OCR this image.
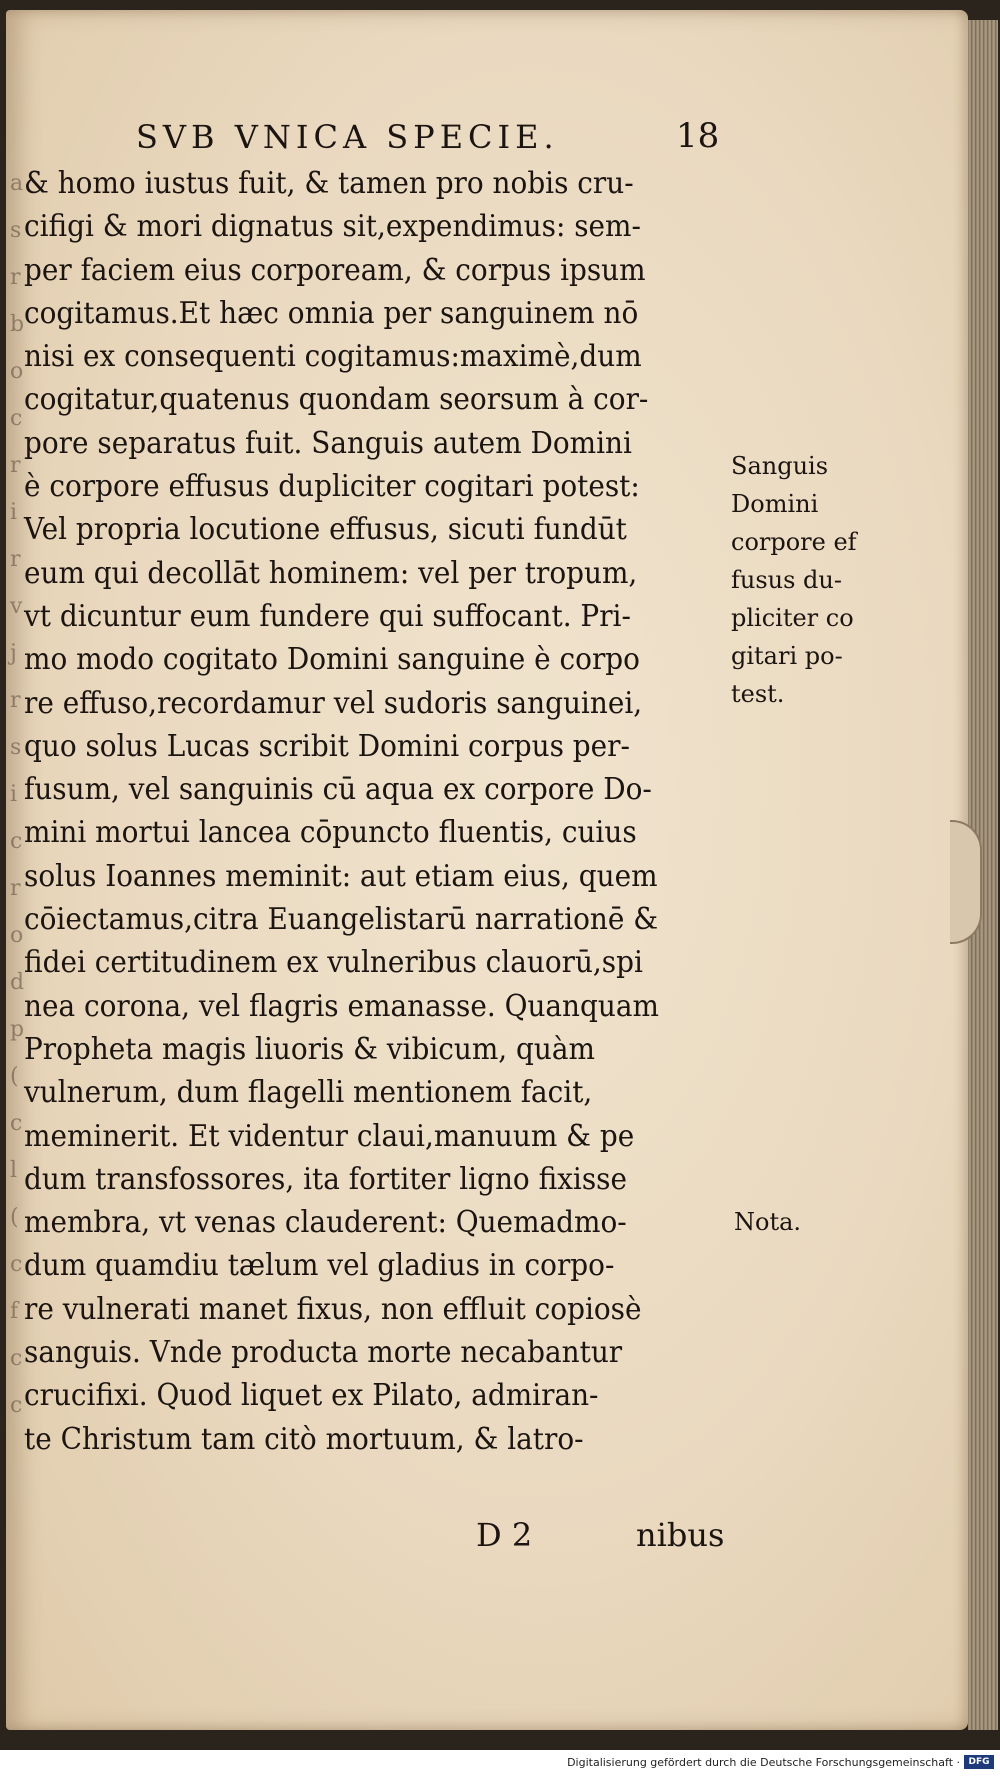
a
s
r
b
o
c
r
i
r
v
j
r
s
i
c
r
o
d
p
(
c
l
(
c
f
c
c
SVB VNICA SPECIE.	18
& homo iustus fuit, & tamen pro nobis cru-
cifigi & mori dignatus sit,expendimus: sem-
per faciem eius corpoream, & corpus ipsum
cogitamus.Et hæc omnia per sanguinem nō
nisi ex consequenti cogitamus:maximè,dum
cogitatur,quatenus quondam seorsum à cor-
pore separatus fuit. Sanguis autem Domini
è corpore effusus dupliciter cogitari potest:
Vel propria locutione effusus, sicuti fundūt
eum qui decollāt hominem: vel per tropum,
vt dicuntur eum fundere qui suffocant. Pri-
mo modo cogitato Domini sanguine è corpo
re effuso,recordamur vel sudoris sanguinei,
quo solus Lucas scribit Domini corpus per-
fusum, vel sanguinis cū aqua ex corpore Do-
mini mortui lancea cōpuncto fluentis, cuius
solus Ioannes meminit: aut etiam eius, quem
cōiectamus,citra Euangelistarū narrationē &
fidei certitudinem ex vulneribus clauorū,spi
nea corona, vel flagris emanasse. Quanquam
Propheta magis liuoris & vibicum, quàm
vulnerum, dum flagelli mentionem facit,
meminerit. Et videntur claui,manuum & pe
dum transfossores, ita fortiter ligno fixisse
membra, vt venas clauderent: Quemadmo-
dum quamdiu tælum vel gladius in corpo-
re vulnerati manet fixus, non effluit copiosè
sanguis. Vnde producta morte necabantur
crucifixi. Quod liquet ex Pilato, admiran-
te Christum tam citò mortuum, & latro-
Sanguis
Domini
corpore ef
fusus du-
pliciter co
gitari po-
test.
Nota.
D 2	nibus
Digitalisierung gefördert durch die Deutsche Forschungsgemeinschaft · DFG
